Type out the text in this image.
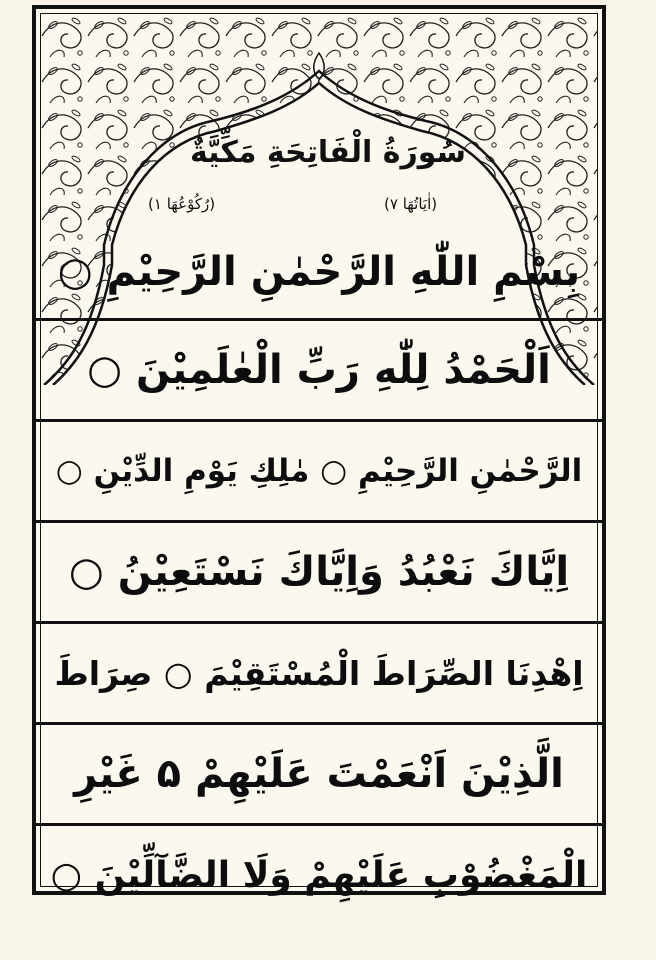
سُورَةُ الْفَاتِحَةِ مَكِّيَّةٌ
(اٰيَاتُهَا ٧)
(رُكُوْعُهَا ١)
بِسْمِ اللّٰهِ الرَّحْمٰنِ الرَّحِيْمِ ○
اَلْحَمْدُ لِلّٰهِ رَبِّ الْعٰلَمِيْنَ ○
الرَّحْمٰنِ الرَّحِيْمِ ○ مٰلِكِ يَوْمِ الدِّيْنِ ○
اِيَّاكَ نَعْبُدُ وَاِيَّاكَ نَسْتَعِيْنُ ○
اِهْدِنَا الصِّرَاطَ الْمُسْتَقِيْمَ ○ صِرَاطَ
الَّذِيْنَ اَنْعَمْتَ عَلَيْهِمْ ۵ غَيْرِ
الْمَغْضُوْبِ عَلَيْهِمْ وَلَا الضَّآلِّيْنَ ○
